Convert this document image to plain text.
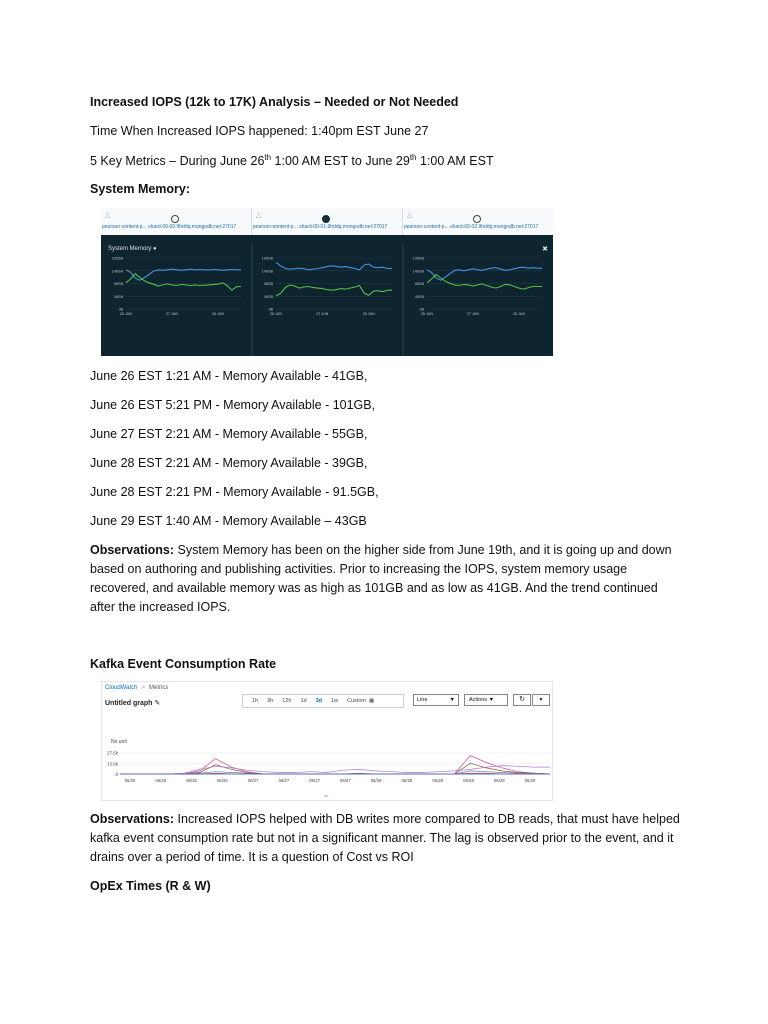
Increased IOPS (12k to 17K) Analysis – Needed or Not Needed
Time When Increased IOPS happened: 1:40pm EST June 27
5 Key Metrics – During June 26th 1:00 AM EST to June 29th 1:00 AM EST
System Memory:
△
pearson-content-p... shard-00-00.9hddq.mongodb.net:27017
△
pearson-content-p... shard-00-01.9hddq.mongodb.net:27017
△
pearson-content-p... shard-00-02.9hddq.mongodb.net:27017
System Memory ●	✖
195GB
146GB
98GB
49GB
0B
26 JUN	27 JUN	28 JUN
195GB
146GB
98GB
49GB
0B
26 JUN	27 JUN	28 JUN
195GB
146GB
98GB
49GB
0B
26 JUN	27 JUN	28 JUN
June 26 EST 1:21 AM - Memory Available - 41GB,
June 26 EST 5:21 PM - Memory Available - 101GB,
June 27 EST 2:21 AM - Memory Available - 55GB,
June 28 EST 2:21 AM - Memory Available - 39GB,
June 28 EST 2:21 PM - Memory Available - 91.5GB,
June 29 EST 1:40 AM - Memory Available – 43GB
Observations: System Memory has been on the higher side from June 19th, and it is going up and down based on authoring and publishing activities. Prior to increasing the IOPS, system memory usage recovered, and available memory was as high as 101GB and as low as 41GB. And the trend continued after the increased IOPS.
Kafka Event Consumption Rate
CloudWatch > Metrics
Untitled graph ✎	1h 3h 12h 1d 3d 1w Custom ▦	Line	▼	Actions ▼	↻	▼
No unit
27.5k
13.6k
0
06/26	06/26	06/26	06/26	06/27	06/27	06/27	06/27	06/28	06/28	06/28	06/28	06/29	06/29
═
Observations: Increased IOPS helped with DB writes more compared to DB reads, that must have helped kafka event consumption rate but not in a significant manner. The lag is observed prior to the event, and it drains over a period of time. It is a question of Cost vs ROI
OpEx Times (R & W)
